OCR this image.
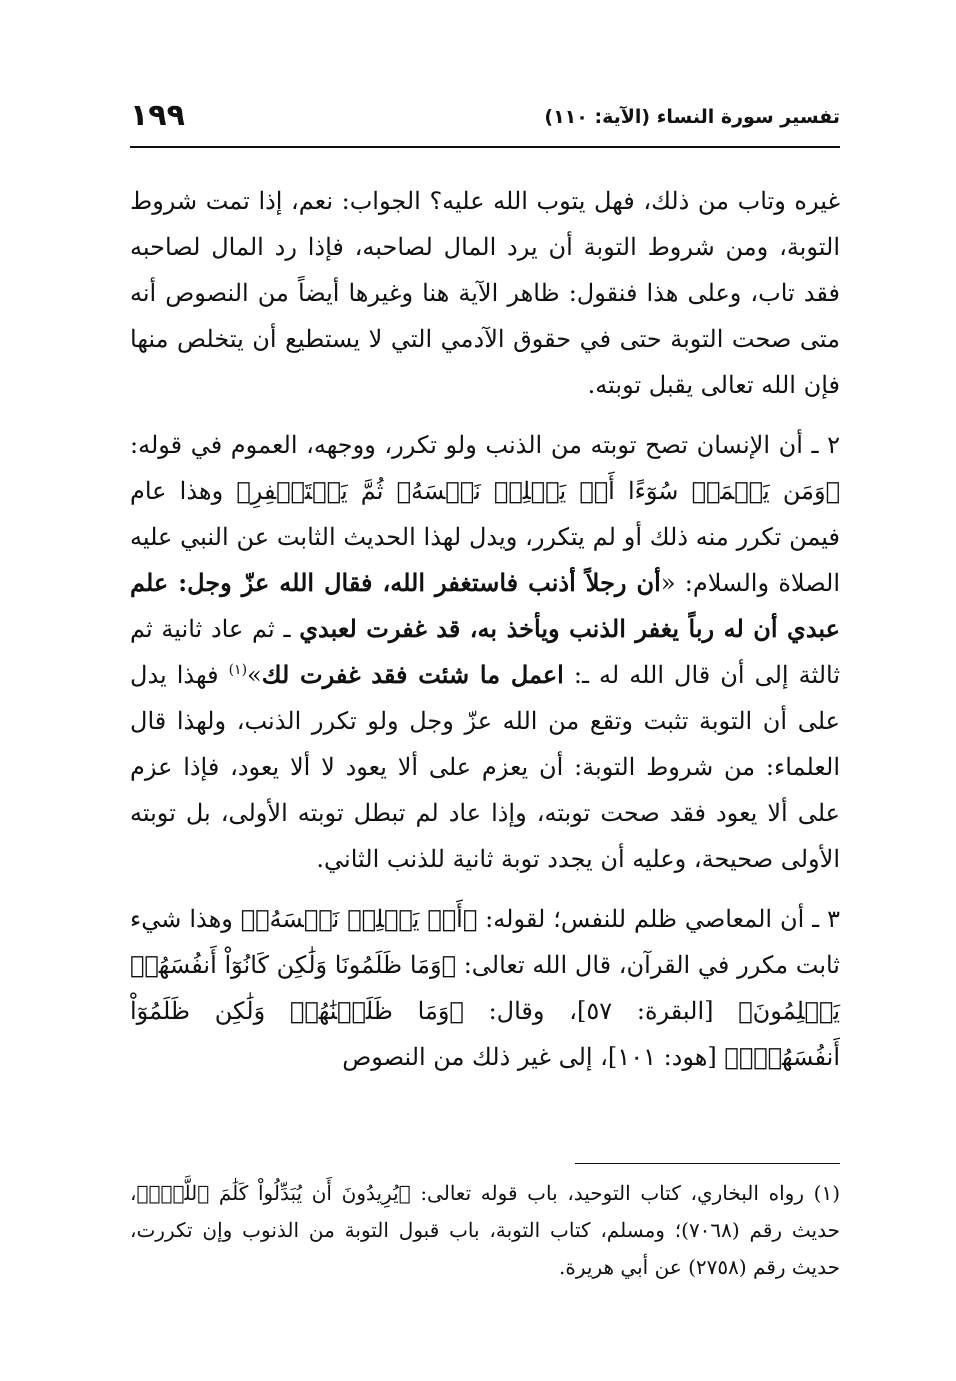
تفسير سورة النساء (الآية: ١١٠)
١٩٩

غيره وتاب من ذلك، فهل يتوب الله عليه؟ الجواب: نعم، إذا تمت شروط التوبة، ومن شروط التوبة أن يرد المال لصاحبه، فإذا رد المال لصاحبه فقد تاب، وعلى هذا فنقول: ظاهر الآية هنا وغيرها أيضاً من النصوص أنه متى صحت التوبة حتى في حقوق الآدمي التي لا يستطيع أن يتخلص منها فإن الله تعالى يقبل توبته.

٢ ـ أن الإنسان تصح توبته من الذنب ولو تكرر، ووجهه، العموم في قوله: ﴿وَمَن يَعۡمَلۡ سُوٓءًا أَوۡ يَظۡلِمۡ نَفۡسَهُۥ ثُمَّ يَسۡتَغۡفِرِ﴾ وهذا عام فيمن تكرر منه ذلك أو لم يتكرر، ويدل لهذا الحديث الثابت عن النبي عليه الصلاة والسلام: «أن رجلاً أذنب فاستغفر الله، فقال الله عزّ وجل: علم عبدي أن له رباً يغفر الذنب ويأخذ به، قد غفرت لعبدي ـ ثم عاد ثانية ثم ثالثة إلى أن قال الله له ـ: اعمل ما شئت فقد غفرت لك»$^{(١)}$ فهذا يدل على أن التوبة تثبت وتقع من الله عزّ وجل ولو تكرر الذنب، ولهذا قال العلماء: من شروط التوبة: أن يعزم على ألا يعود لا ألا يعود، فإذا عزم على ألا يعود فقد صحت توبته، وإذا عاد لم تبطل توبته الأولى، بل توبته الأولى صحيحة، وعليه أن يجدد توبة ثانية للذنب الثاني.

٣ ـ أن المعاصي ظلم للنفس؛ لقوله: ﴿أَوۡ يَظۡلِمۡ نَفۡسَهُۥ﴾ وهذا شيء ثابت مكرر في القرآن، قال الله تعالى: ﴿وَمَا ظَلَمُونَا وَلَٰكِن كَانُوٓاْ أَنفُسَهُمۡ يَظۡلِمُونَ﴾ [البقرة: ٥٧]، وقال: ﴿وَمَا ظَلَمۡنَٰهُمۡ وَلَٰكِن ظَلَمُوٓاْ أَنفُسَهُمۡۖ﴾ [هود: ١٠١]، إلى غير ذلك من النصوص

(١) رواه البخاري، كتاب التوحيد، باب قوله تعالى: ﴿يُرِيدُونَ أَن يُبَدِّلُواْ كَلَٰمَ ٱللَّهِۚ﴾، حديث رقم (٧٠٦٨)؛ ومسلم، كتاب التوبة، باب قبول التوبة من الذنوب وإن تكررت، حديث رقم (٢٧٥٨) عن أبي هريرة.
